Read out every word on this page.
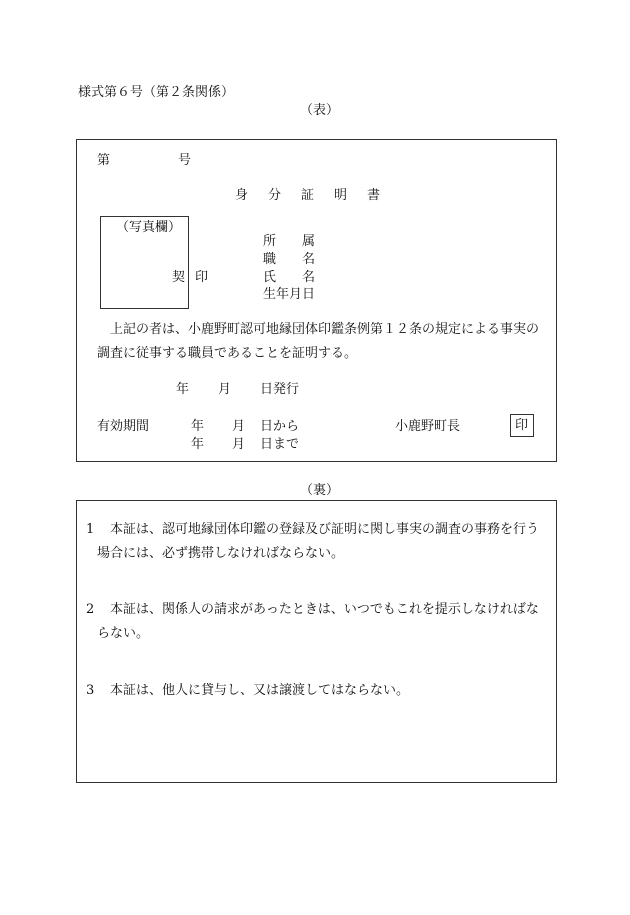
様式第６号（第２条関係）
（表）
第	号
身分証明書
（写真欄）
契 印
所　　属
職　　名
氏　　名
生年月日
上記の者は、小鹿野町認可地縁団体印鑑条例第１２条の規定による事実の
調査に従事する職員であることを証明する。
年 月 日発行
有効期間	年 月 日から
年 月 日まで
小鹿野町長	印
（裏）
1 本証は、認可地縁団体印鑑の登録及び証明に関し事実の調査の事務を行う
場合には、必ず携帯しなければならない。
2 本証は、関係人の請求があったときは、いつでもこれを提示しなければな
らない。
3 本証は、他人に貸与し、又は譲渡してはならない。
